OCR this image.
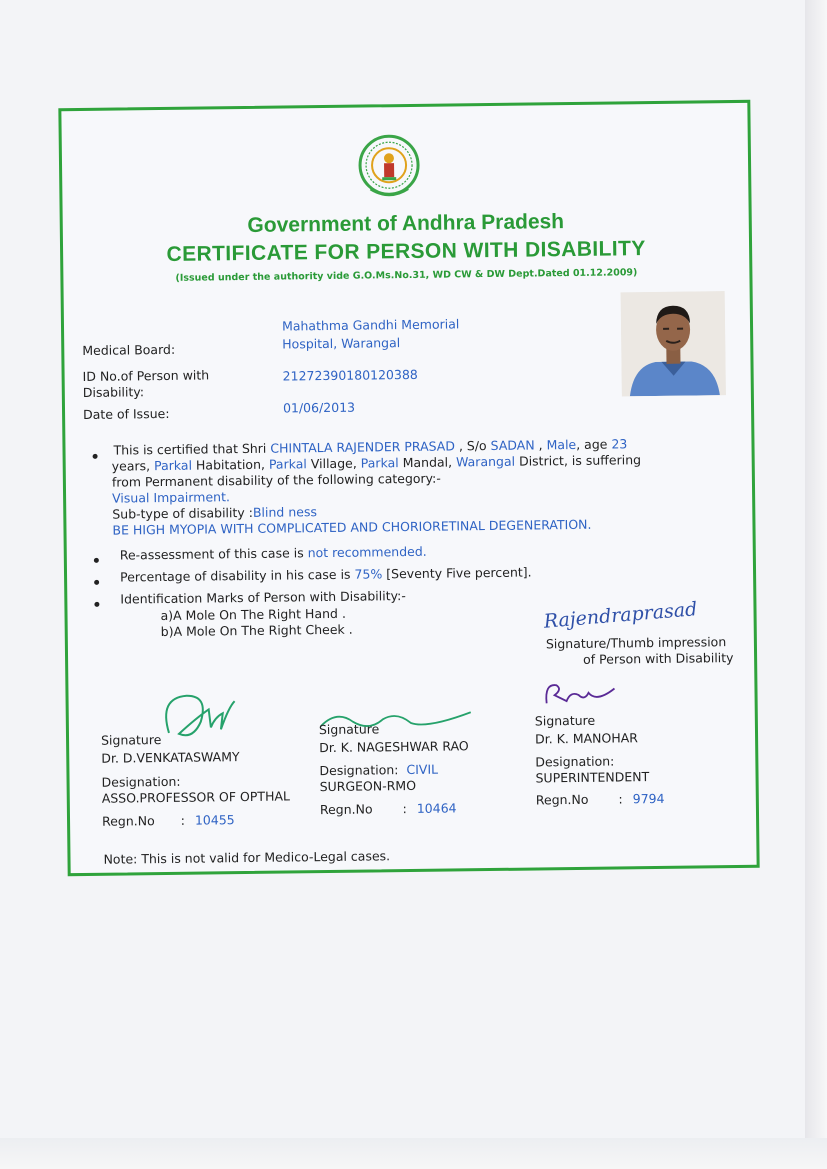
Government of Andhra Pradesh
CERTIFICATE FOR PERSON WITH DISABILITY
(Issued under the authority vide G.O.Ms.No.31, WD CW & DW Dept.Dated 01.12.2009)
Medical Board:
Mahathma Gandhi Memorial
Hospital, Warangal
ID No.of Person with
Disability:
21272390180120388
Date of Issue:	01/06/2013
This is certified that Shri CHINTALA RAJENDER PRASAD , S/o SADAN , Male, age 23
years, Parkal Habitation, Parkal Village, Parkal Mandal, Warangal District, is suffering
from Permanent disability of the following category:-
Visual Impairment.
Sub-type of disability :Blind ness
BE HIGH MYOPIA WITH COMPLICATED AND CHORIORETINAL DEGENERATION.
Re-assessment of this case is not recommended.
Percentage of disability in his case is 75% [Seventy Five percent].
Identification Marks of Person with Disability:-
a)A Mole On The Right Hand .
b)A Mole On The Right Cheek .	Rajendraprasad
Signature/Thumb impression
of Person with Disability
Signature
Dr. D.VENKATASWAMY
Designation:
ASSO.PROFESSOR OF OPTHAL
Regn.No : 10455
Signature
Dr. K. NAGESHWAR RAO
Designation: CIVIL
SURGEON-RMO
Regn.No : 10464
Signature
Dr. K. MANOHAR
Designation:
SUPERINTENDENT
Regn.No : 9794
Note: This is not valid for Medico-Legal cases.
